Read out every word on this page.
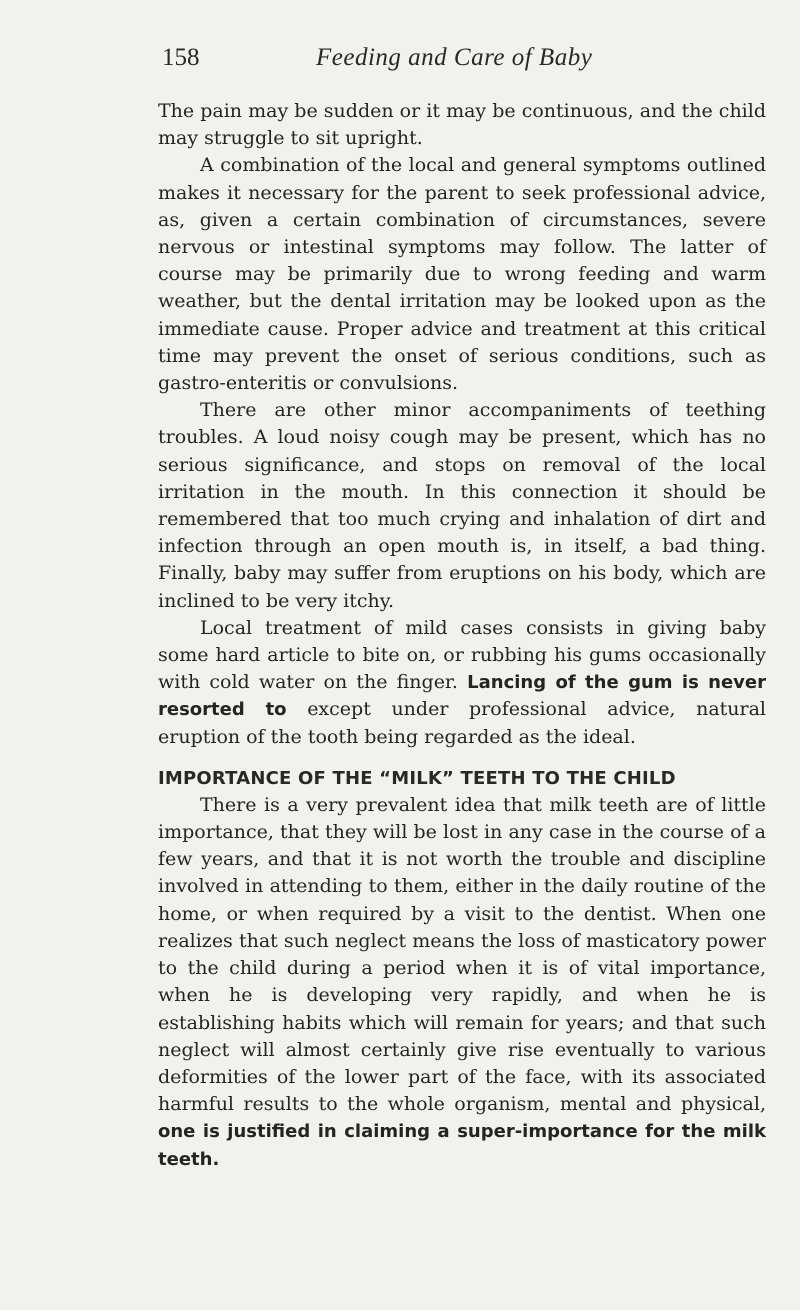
158	Feeding and Care of Baby

The pain may be sudden or it may be continuous, and the child may struggle to sit upright.

A combination of the local and general symptoms outlined makes it necessary for the parent to seek professional advice, as, given a certain combination of circumstances, severe nervous or intestinal symptoms may follow. The latter of course may be primarily due to wrong feeding and warm weather, but the dental irritation may be looked upon as the immediate cause. Proper advice and treatment at this critical time may prevent the onset of serious conditions, such as gastro-enteritis or convulsions.

There are other minor accompaniments of teething troubles. A loud noisy cough may be present, which has no serious significance, and stops on removal of the local irritation in the mouth. In this connection it should be remembered that too much crying and inhalation of dirt and infection through an open mouth is, in itself, a bad thing. Finally, baby may suffer from eruptions on his body, which are inclined to be very itchy.

Local treatment of mild cases consists in giving baby some hard article to bite on, or rubbing his gums occasionally with cold water on the finger. Lancing of the gum is never resorted to except under professional advice, natural eruption of the tooth being regarded as the ideal.

IMPORTANCE OF THE “MILK” TEETH TO THE CHILD

There is a very prevalent idea that milk teeth are of little importance, that they will be lost in any case in the course of a few years, and that it is not worth the trouble and discipline involved in attending to them, either in the daily routine of the home, or when required by a visit to the dentist. When one realizes that such neglect means the loss of masticatory power to the child during a period when it is of vital importance, when he is developing very rapidly, and when he is establishing habits which will remain for years; and that such neglect will almost certainly give rise eventually to various deformities of the lower part of the face, with its associated harmful results to the whole organism, mental and physical, one is justified in claiming a super-importance for the milk teeth.
